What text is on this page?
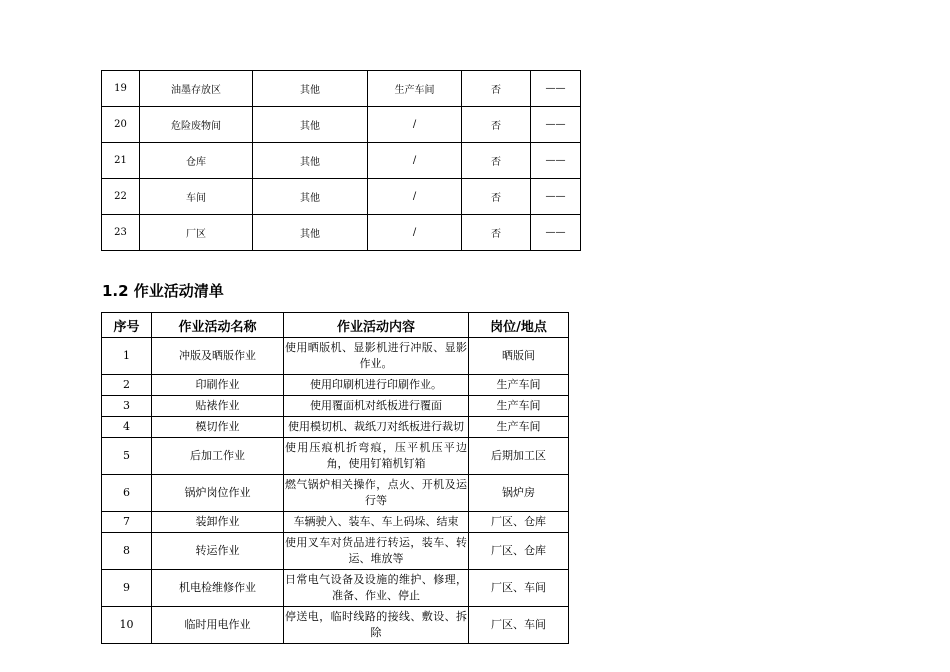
19	油墨存放区	其他	生产车间	否	——
20	危险废物间	其他	/	否	——
21	仓库	其他	/	否	——
22	车间	其他	/	否	——
23	厂区	其他	/	否	——
1.2 作业活动清单
序号	作业活动名称	作业活动内容	岗位/地点
1	冲版及晒版作业	使用晒版机、显影机进行冲版、显影作业。	晒版间
2	印刷作业	使用印刷机进行印刷作业。	生产车间
3	贴裱作业	使用覆面机对纸板进行覆面	生产车间
4	模切作业	使用模切机、裁纸刀对纸板进行裁切	生产车间
5	后加工作业	使用压痕机折弯痕，压平机压平边角，使用钉箱机钉箱	后期加工区
6	锅炉岗位作业	燃气锅炉相关操作，点火、开机及运行等	锅炉房
7	装卸作业	车辆驶入、装车、车上码垛、结束	厂区、仓库
8	转运作业	使用叉车对货品进行转运，装车、转运、堆放等	厂区、仓库
9	机电检维修作业	日常电气设备及设施的维护、修理，准备、作业、停止	厂区、车间
10	临时用电作业	停送电，临时线路的接线、敷设、拆除	厂区、车间
